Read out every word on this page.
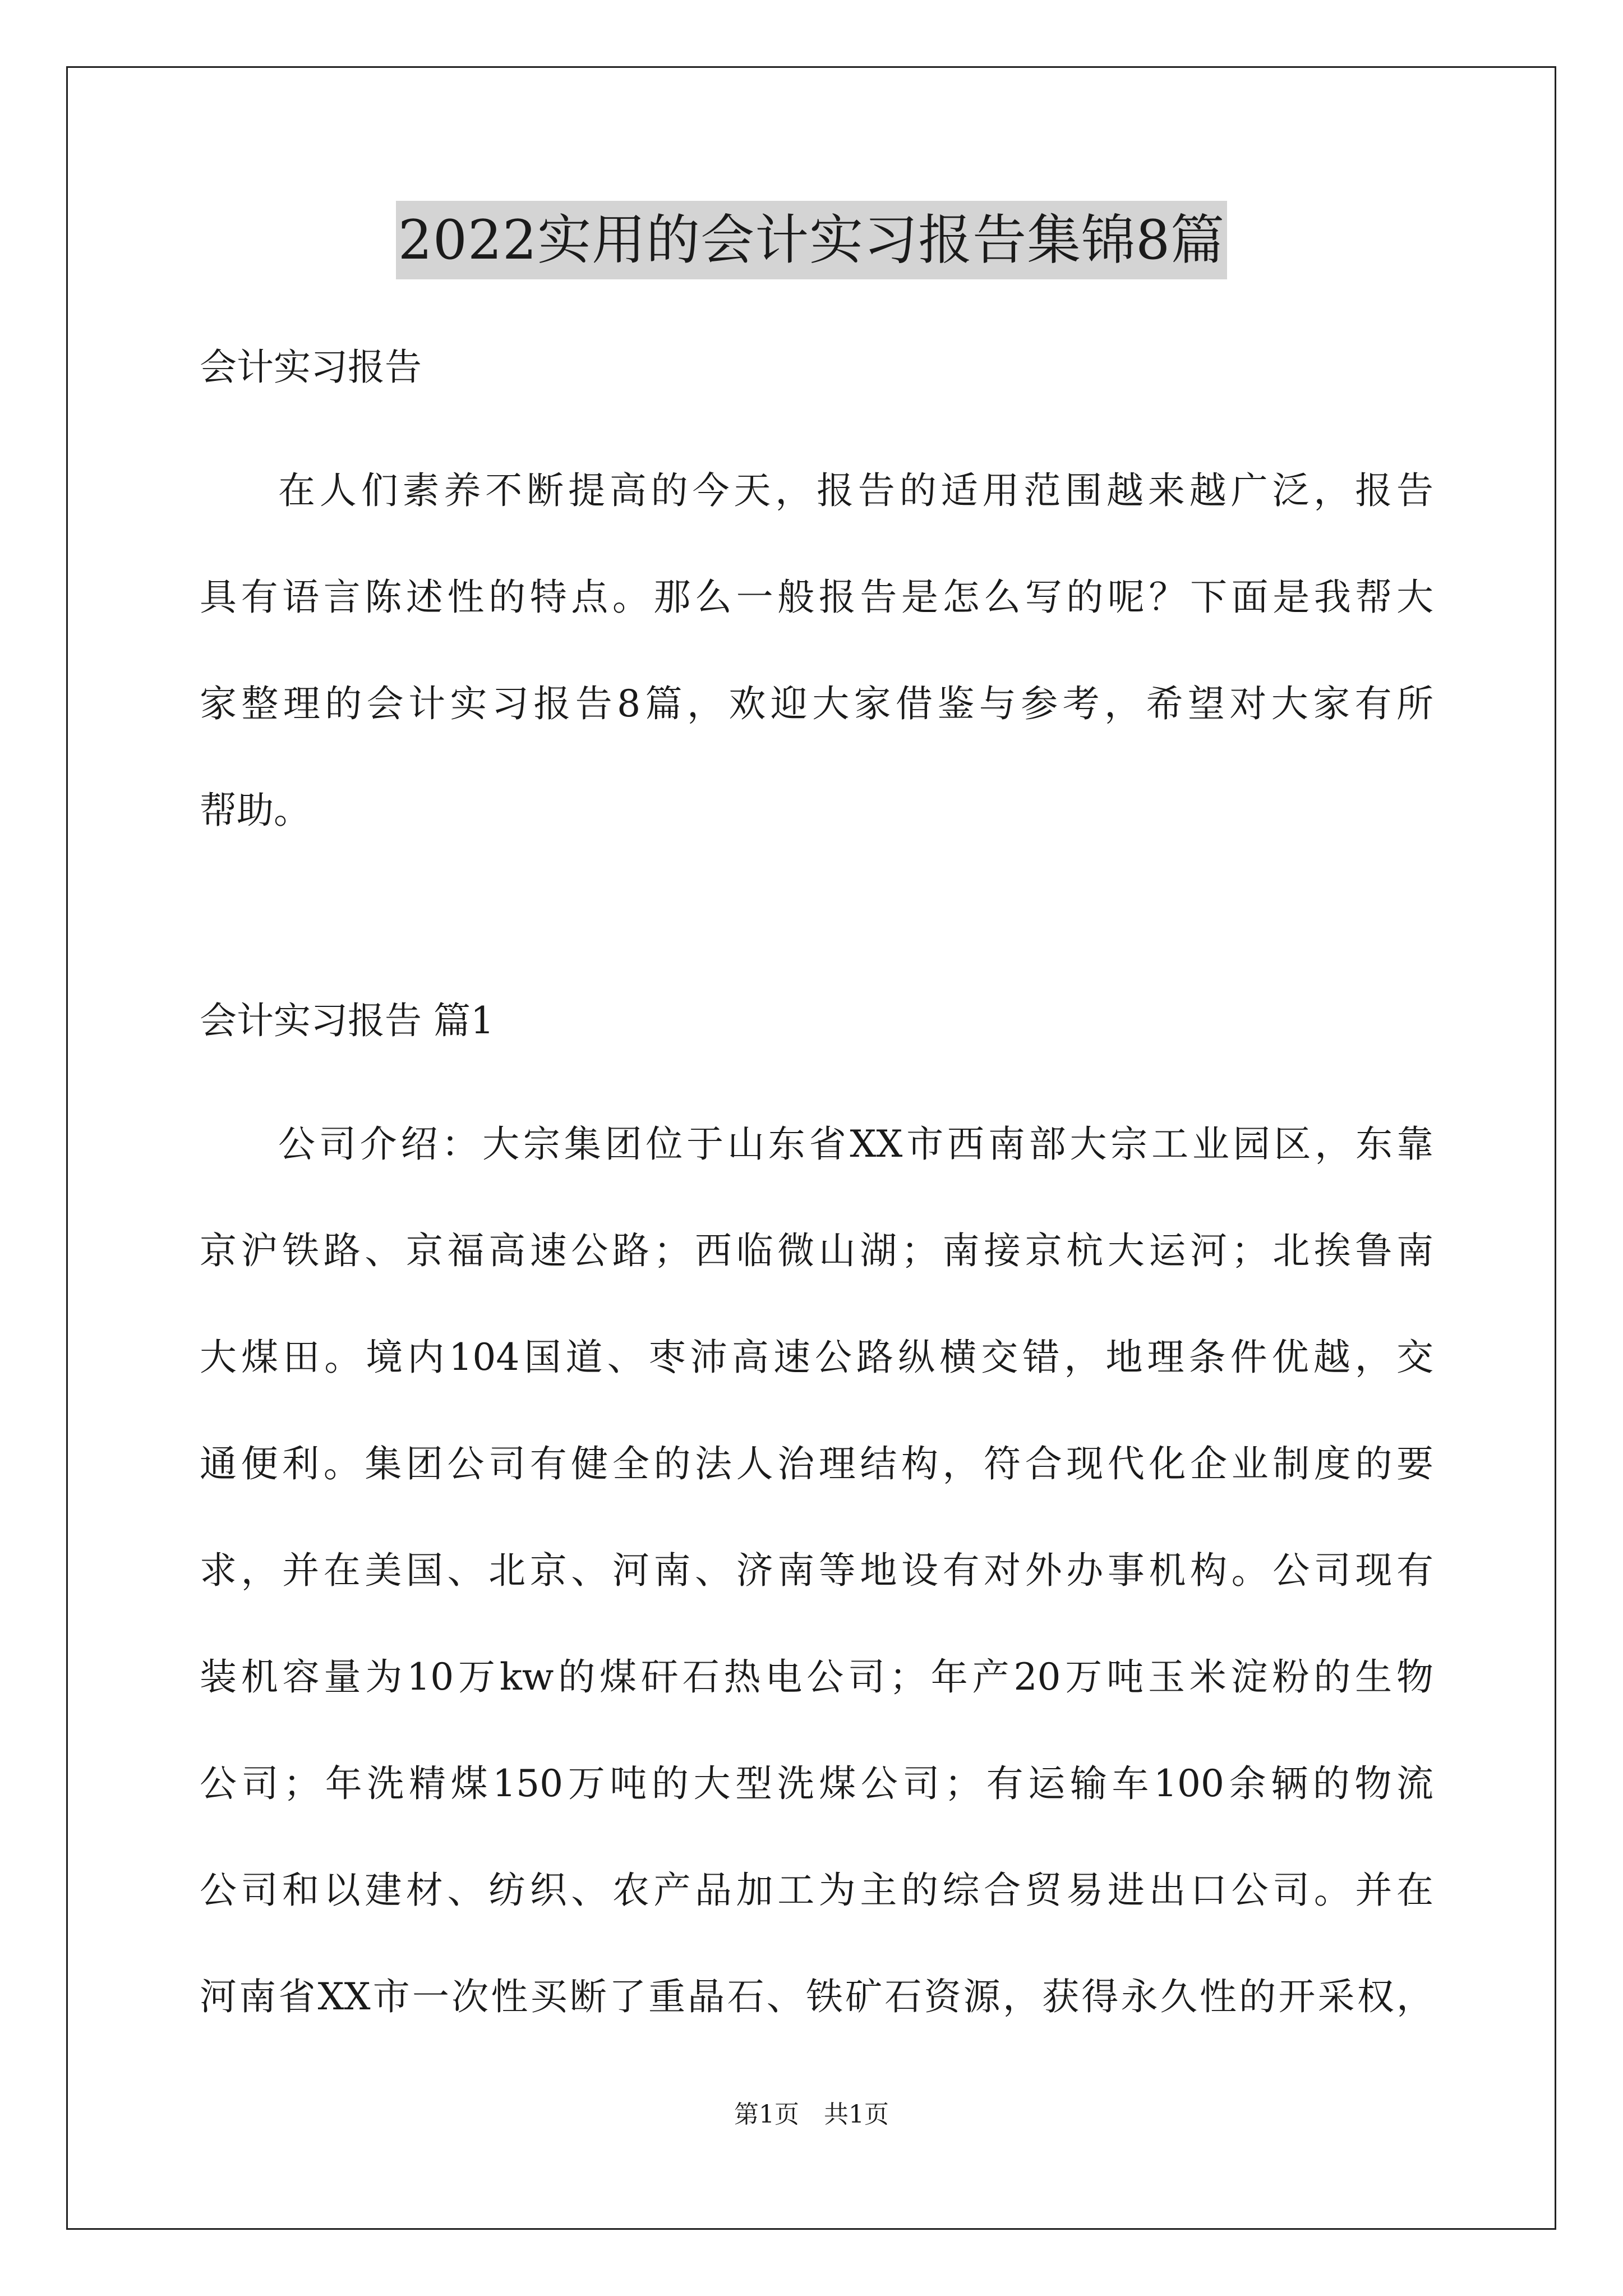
2022实用的会计实习报告集锦8篇
会计实习报告
在人们素养不断提高的今天，报告的适用范围越来越广泛，报告
具有语言陈述性的特点。那么一般报告是怎么写的呢？下面是我帮大
家整理的会计实习报告8篇，欢迎大家借鉴与参考，希望对大家有所
帮助。
会计实习报告 篇1
公司介绍：大宗集团位于山东省XX市西南部大宗工业园区，东靠
京沪铁路、京福高速公路；西临微山湖；南接京杭大运河；北挨鲁南
大煤田。境内104国道、枣沛高速公路纵横交错，地理条件优越，交
通便利。集团公司有健全的法人治理结构，符合现代化企业制度的要
求，并在美国、北京、河南、济南等地设有对外办事机构。公司现有
装机容量为10万kw的煤矸石热电公司；年产20万吨玉米淀粉的生物
公司；年洗精煤150万吨的大型洗煤公司；有运输车100余辆的物流
公司和以建材、纺织、农产品加工为主的综合贸易进出口公司。并在
河南省XX市一次性买断了重晶石、铁矿石资源，获得永久性的开采权，
第1页　共1页
